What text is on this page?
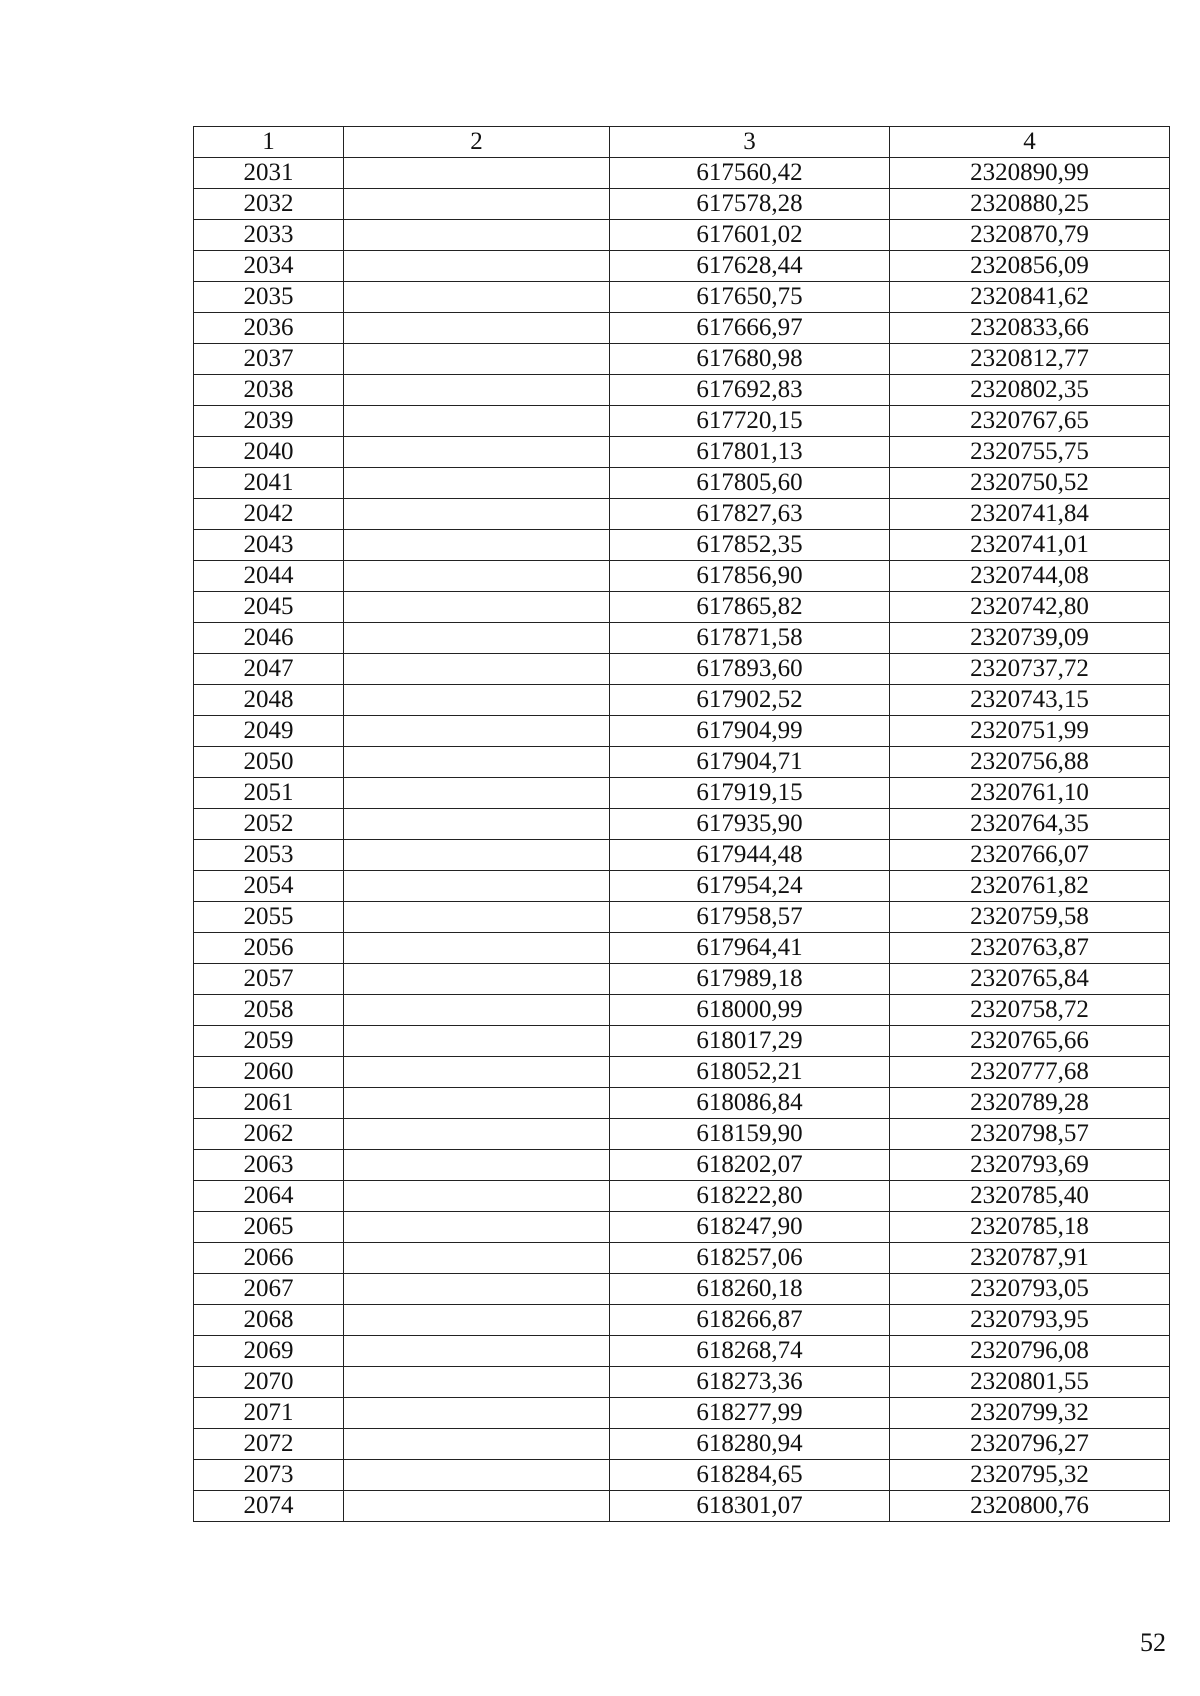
1	2	3	4
2031		617560,42	2320890,99
2032		617578,28	2320880,25
2033		617601,02	2320870,79
2034		617628,44	2320856,09
2035		617650,75	2320841,62
2036		617666,97	2320833,66
2037		617680,98	2320812,77
2038		617692,83	2320802,35
2039		617720,15	2320767,65
2040		617801,13	2320755,75
2041		617805,60	2320750,52
2042		617827,63	2320741,84
2043		617852,35	2320741,01
2044		617856,90	2320744,08
2045		617865,82	2320742,80
2046		617871,58	2320739,09
2047		617893,60	2320737,72
2048		617902,52	2320743,15
2049		617904,99	2320751,99
2050		617904,71	2320756,88
2051		617919,15	2320761,10
2052		617935,90	2320764,35
2053		617944,48	2320766,07
2054		617954,24	2320761,82
2055		617958,57	2320759,58
2056		617964,41	2320763,87
2057		617989,18	2320765,84
2058		618000,99	2320758,72
2059		618017,29	2320765,66
2060		618052,21	2320777,68
2061		618086,84	2320789,28
2062		618159,90	2320798,57
2063		618202,07	2320793,69
2064		618222,80	2320785,40
2065		618247,90	2320785,18
2066		618257,06	2320787,91
2067		618260,18	2320793,05
2068		618266,87	2320793,95
2069		618268,74	2320796,08
2070		618273,36	2320801,55
2071		618277,99	2320799,32
2072		618280,94	2320796,27
2073		618284,65	2320795,32
2074		618301,07	2320800,76
52
